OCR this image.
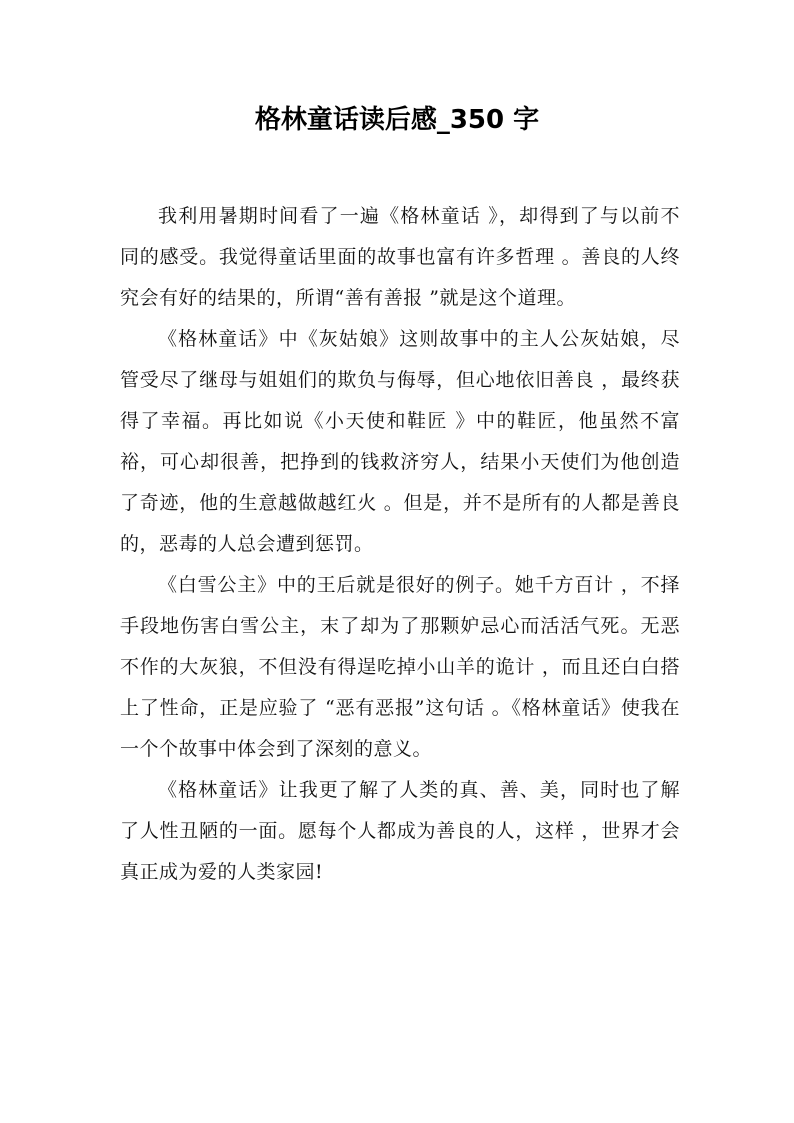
格林童话读后感_350 字

我利用暑期时间看了一遍《格林童话 》，却得到了与以前不同的感受。我觉得童话里面的故事也富有许多哲理 。善良的人终究会有好的结果的，所谓“善有善报 ”就是这个道理。

《格林童话》中《灰姑娘》这则故事中的主人公灰姑娘，尽管受尽了继母与姐姐们的欺负与侮辱，但心地依旧善良 ，最终获得了幸福。再比如说《小天使和鞋匠 》中的鞋匠，他虽然不富裕，可心却很善，把挣到的钱救济穷人，结果小天使们为他创造了奇迹，他的生意越做越红火 。但是，并不是所有的人都是善良的，恶毒的人总会遭到惩罚。

《白雪公主》中的王后就是很好的例子。她千方百计 ，不择手段地伤害白雪公主，末了却为了那颗妒忌心而活活气死。无恶不作的大灰狼，不但没有得逞吃掉小山羊的诡计 ，而且还白白搭上了性命，正是应验了 “恶有恶报”这句话 。《格林童话》使我在一个个故事中体会到了深刻的意义。

《格林童话》让我更了解了人类的真、善、美，同时也了解了人性丑陋的一面。愿每个人都成为善良的人，这样 ，世界才会真正成为爱的人类家园!
